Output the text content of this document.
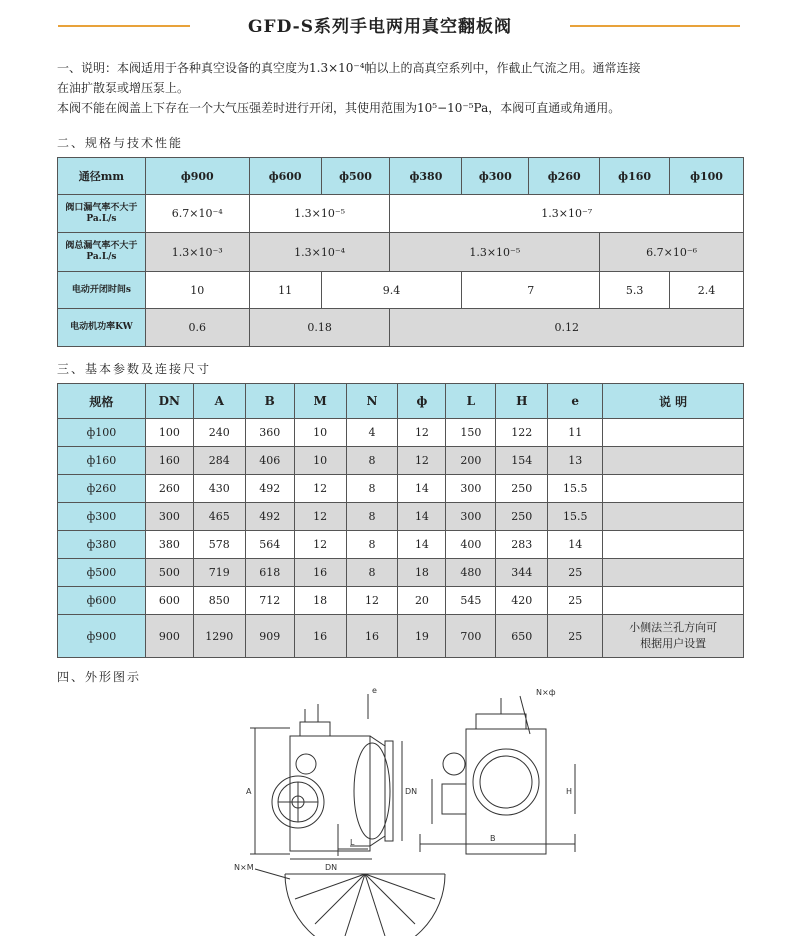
GFD-S系列手电两用真空翻板阀
一、说明：本阀适用于各种真空设备的真空度为1.3×10⁻⁴帕以上的高真空系列中，作截止气流之用。通常连接
在油扩散泵或增压泵上。
本阀不能在阀盖上下存在一个大气压强差时进行开闭，其使用范围为10⁵−10⁻⁵Pa，本阀可直通或角通用。
二、规格与技术性能
通径mm	ф900	ф600	ф500	ф380	ф300	ф260	ф160	ф100
阀口漏气率不大于Pa.L/s	6.7×10⁻⁴	1.3×10⁻⁵		1.3×10⁻⁷				
阀总漏气率不大于Pa.L/s	1.3×10⁻³	1.3×10⁻⁴		1.3×10⁻⁵			6.7×10⁻⁶	
电动开闭时间s	10	11	9.4		7		5.3	2.4
电动机功率KW	0.6	0.18		0.12				
三、基本参数及连接尺寸
规格	DN	A	B	M	N	ф	L	H	e	说 明
ф100	100	240	360	10	4	12	150	122	11	
ф160	160	284	406	10	8	12	200	154	13	
ф260	260	430	492	12	8	14	300	250	15.5	
ф300	300	465	492	12	8	14	300	250	15.5	
ф380	380	578	564	12	8	14	400	283	14	
ф500	500	719	618	16	8	18	480	344	25	
ф600	600	850	712	18	12	20	545	420	25	
ф900	900	1290	909	16	16	19	700	650	25	小侧法兰孔方向可
根据用户设置
四、外形图示
e
A	DN
L
DN
N×ф
H
B
N×M
